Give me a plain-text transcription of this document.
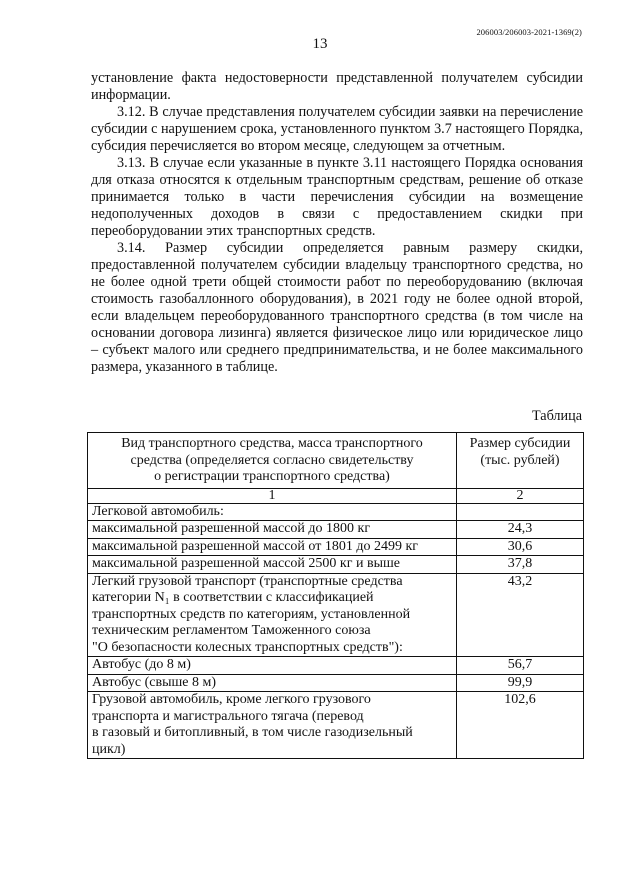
206003/206003-2021-1369(2)
13

установление факта недостоверности представленной получателем субсидии информации.

3.12. В случае представления получателем субсидии заявки на перечисление субсидии с нарушением срока, установленного пунктом 3.7 настоящего Порядка, субсидия перечисляется во втором месяце, следующем за отчетным.

3.13. В случае если указанные в пункте 3.11 настоящего Порядка основания для отказа относятся к отдельным транспортным средствам, решение об отказе принимается только в части перечисления субсидии на возмещение недополученных доходов в связи с предоставлением скидки при переоборудовании этих транспортных средств.

3.14. Размер субсидии определяется равным размеру скидки, предоставленной получателем субсидии владельцу транспортного средства, но не более одной трети общей стоимости работ по переоборудованию (включая стоимость газобаллонного оборудования), в 2021 году не более одной второй, если владельцем переоборудованного транспортного средства (в том числе на основании договора лизинга) является физическое лицо или юридическое лицо – субъект малого или среднего предпринимательства, и не более максимального размера, указанного в таблице.

Таблица
Вид транспортного средства, масса транспортного
средства (определяется согласно свидетельству
о регистрации транспортного средства)	Размер субсидии
(тыс. рублей)

1	2

Легковой автомобиль:	

максимальной разрешенной массой до 1800 кг	24,3

максимальной разрешенной массой от 1801 до 2499 кг	30,6

максимальной разрешенной массой 2500 кг и выше	37,8

Легкий грузовой транспорт (транспортные средства
категории N₁ в соответствии с классификацией
транспортных средств по категориям, установленной
техническим регламентом Таможенного союза
"О безопасности колесных транспортных средств"):	43,2

Автобус (до 8 м)	56,7

Автобус (свыше 8 м)	99,9

Грузовой автомобиль, кроме легкого грузового
транспорта и магистрального тягача (перевод
в газовый и битопливный, в том числе газодизельный
цикл)	102,6
